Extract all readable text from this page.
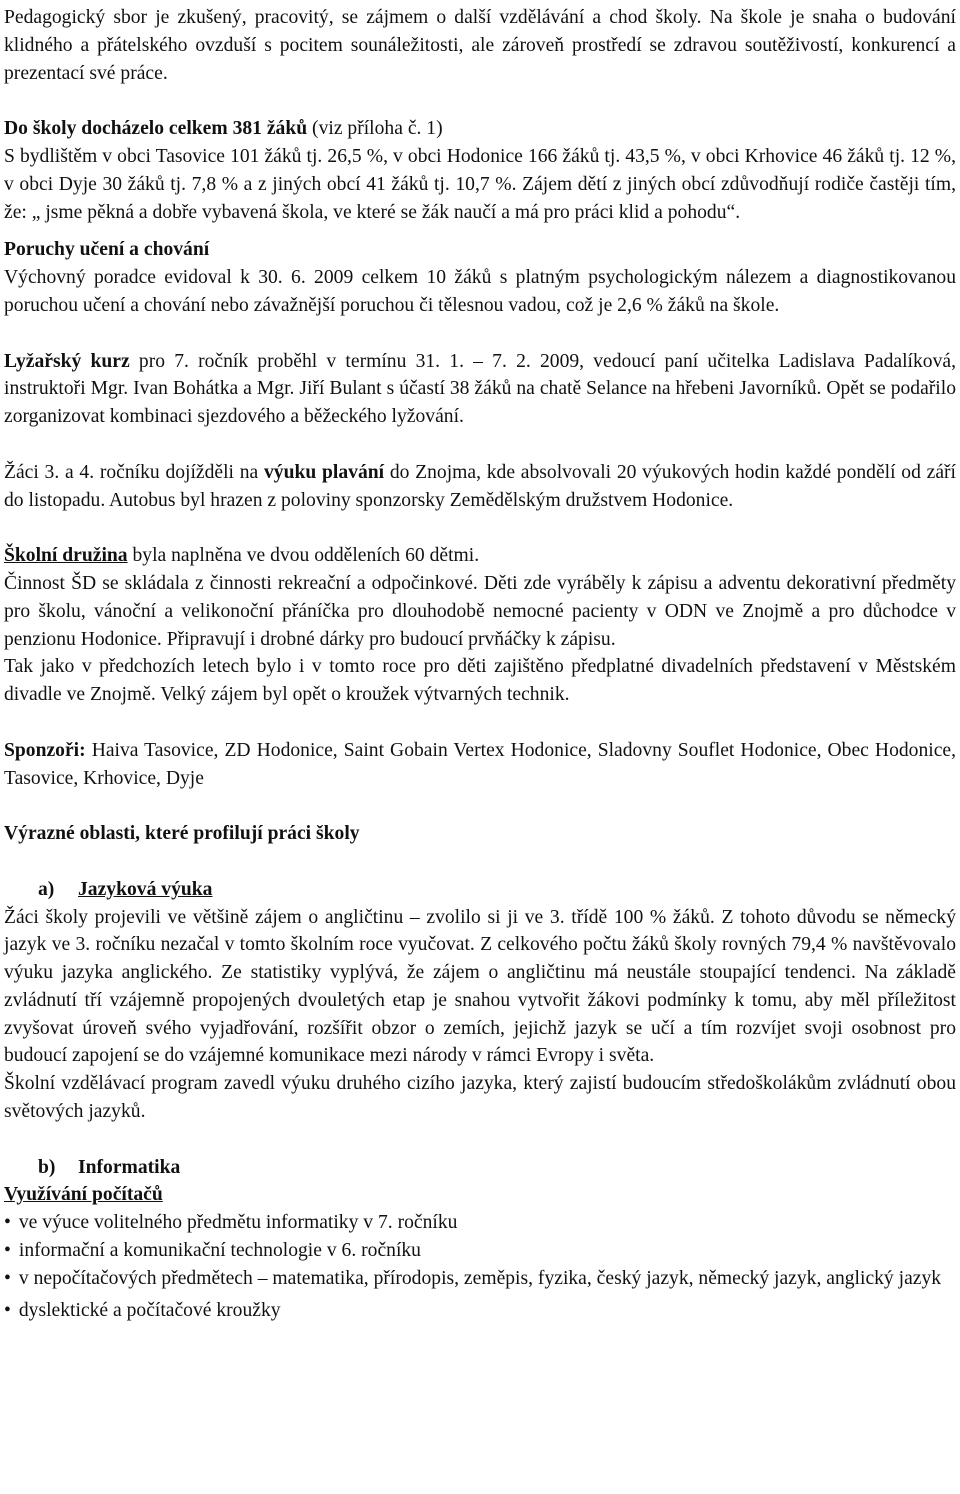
Pedagogický sbor je zkušený, pracovitý, se zájmem o další vzdělávání a chod školy. Na škole je snaha o budování klidného a přátelského ovzduší s pocitem sounáležitosti, ale zároveň prostředí se zdravou soutěživostí, konkurencí a prezentací své práce.

Do školy docházelo celkem 381 žáků (viz příloha č. 1)

S bydlištěm v obci Tasovice 101 žáků tj. 26,5 %, v obci Hodonice 166 žáků tj. 43,5 %, v obci Krhovice 46 žáků tj. 12 %, v obci Dyje 30 žáků tj. 7,8 % a z jiných obcí 41 žáků tj. 10,7 %. Zájem dětí z jiných obcí zdůvodňují rodiče častěji tím, že: „ jsme pěkná a dobře vybavená škola, ve které se žák naučí a má pro práci klid a pohodu“.

Poruchy učení a chování

Výchovný poradce evidoval k 30. 6. 2009 celkem 10 žáků s platným psychologickým nálezem a diagnostikovanou poruchou učení a chování nebo závažnější poruchou či tělesnou vadou, což je 2,6 % žáků na škole.

Lyžařský kurz pro 7. ročník proběhl v termínu 31. 1. – 7. 2. 2009, vedoucí paní učitelka Ladislava Padalíková, instruktoři Mgr. Ivan Bohátka a Mgr. Jiří Bulant s účastí 38 žáků na chatě Selance na hřebeni Javorníků. Opět se podařilo zorganizovat kombinaci sjezdového a běžeckého lyžování.

Žáci 3. a 4. ročníku dojížděli na výuku plavání do Znojma, kde absolvovali 20 výukových hodin každé pondělí od září do listopadu. Autobus byl hrazen z poloviny sponzorsky Zemědělským družstvem Hodonice.

Školní družina byla naplněna ve dvou odděleních 60 dětmi.

Činnost ŠD se skládala z činnosti rekreační a odpočinkové. Děti zde vyráběly k zápisu a adventu dekorativní předměty pro školu, vánoční a velikonoční přáníčka pro dlouhodobě nemocné pacienty v ODN ve Znojmě a pro důchodce v penzionu Hodonice. Připravují i drobné dárky pro budoucí prvňáčky k zápisu.

Tak jako v předchozích letech bylo i v tomto roce pro děti zajištěno předplatné divadelních představení v Městském divadle ve Znojmě. Velký zájem byl opět o kroužek výtvarných technik.

Sponzoři: Haiva Tasovice, ZD Hodonice, Saint Gobain Vertex Hodonice, Sladovny Souflet Hodonice, Obec Hodonice, Tasovice, Krhovice, Dyje

Výrazné oblasti, které profilují práci školy

a) Jazyková výuka

Žáci školy projevili ve většině zájem o angličtinu – zvolilo si ji ve 3. třídě 100 % žáků. Z tohoto důvodu se německý jazyk ve 3. ročníku nezačal v tomto školním roce vyučovat. Z celkového počtu žáků školy rovných 79,4 % navštěvovalo výuku jazyka anglického. Ze statistiky vyplývá, že zájem o angličtinu má neustále stoupající tendenci. Na základě zvládnutí tří vzájemně propojených dvouletých etap je snahou vytvořit žákovi podmínky k tomu, aby měl příležitost zvyšovat úroveň svého vyjadřování, rozšířit obzor o zemích, jejichž jazyk se učí a tím rozvíjet svoji osobnost pro budoucí zapojení se do vzájemné komunikace mezi národy v rámci Evropy i světa.

Školní vzdělávací program zavedl výuku druhého cizího jazyka, který zajistí budoucím středoškolákům zvládnutí obou světových jazyků.

b) Informatika

Využívání počítačů

• ve výuce volitelného předmětu informatiky v 7. ročníku
• informační a komunikační technologie v 6. ročníku
• v nepočítačových předmětech – matematika, přírodopis, zeměpis, fyzika, český jazyk, německý jazyk, anglický jazyk
• dyslektické a počítačové kroužky
